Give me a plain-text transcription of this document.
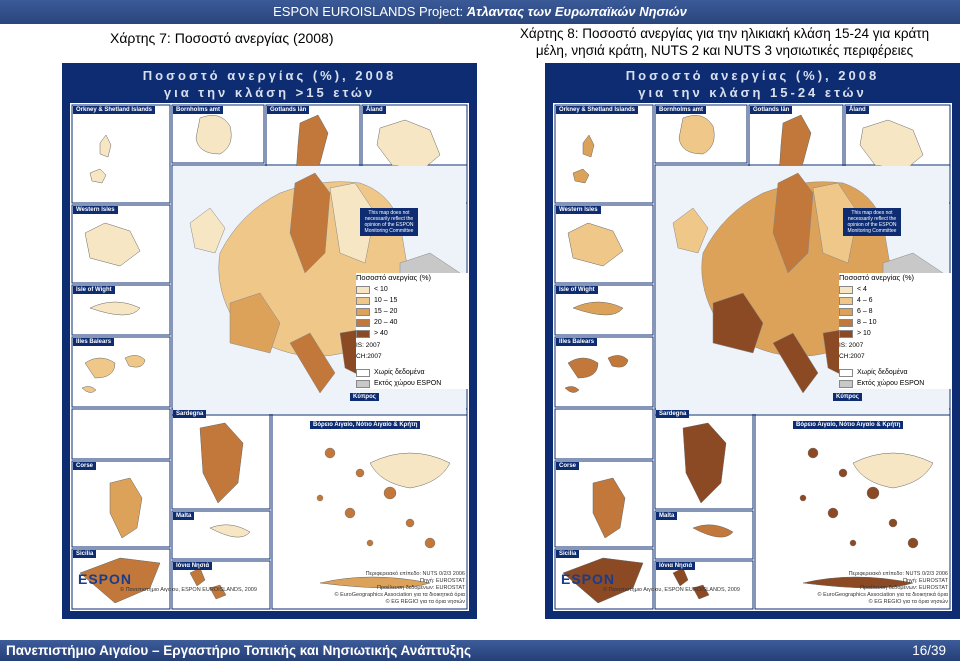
ESPON EUROISLANDS Project: Άτλαντας των Ευρωπαϊκών Νησιών
Χάρτης 7: Ποσοστό ανεργίας (2008)	Χάρτης 8: Ποσοστό ανεργίας για την ηλικιακή κλάση 15-24 για κράτη
μέλη, νησιά κράτη, NUTS 2 και NUTS 3 νησιωτικές περιφέρειες
Ποσοστό ανεργίας (%), 2008
για την κλάση >15 ετών
Orkney & Shetland Islands	Bornholms amt	Gotlands län	Åland
Western Isles
Isle of Wight
Illes Balears
Κύπρος
Sardegna
Βόρειο Αιγαίο, Νότιο Αιγαίο & Κρήτη
Corse
Malta
Sicilia
Ιόνια Νησιά
This map does not necessarily reflect the opinion of the ESPON Monitoring Committee
Ποσοστό ανεργίας (%)
< 10
10 – 15
15 – 20
20 – 40
> 40
IS: 2007
CH:2007
Χωρίς δεδομένα
Εκτός χώρου ESPON
ESPON
© Πανεπιστήμιο Αιγαίου, ESPON EUROISLANDS, 2009
Περιφερειακό επίπεδο: NUTS 0/2/3 2006
Πηγή: EUROSTAT
Προέλευση δεδομένων: EUROSTAT
© EuroGeographics Association για τα διοικητικά όρια
© EG REGIO για τα όρια νησιών
Ποσοστό ανεργίας (%), 2008
για την κλάση 15-24 ετών
Orkney & Shetland Islands	Bornholms amt	Gotlands län	Åland
Western Isles
Isle of Wight
Illes Balears
Κύπρος
Sardegna
Βόρειο Αιγαίο, Νότιο Αιγαίο & Κρήτη
Corse
Malta
Sicilia
Ιόνια Νησιά
This map does not necessarily reflect the opinion of the ESPON Monitoring Committee
Ποσοστό ανεργίας (%)
< 4
4 – 6
6 – 8
8 – 10
> 10
IS: 2007
CH:2007
Χωρίς δεδομένα
Εκτός χώρου ESPON
ESPON
© Πανεπιστήμιο Αιγαίου, ESPON EUROISLANDS, 2009
Περιφερειακό επίπεδο: NUTS 0/2/3 2006
Πηγή: EUROSTAT
Προέλευση δεδομένων: EUROSTAT
© EuroGeographics Association για τα διοικητικά όρια
© EG REGIO για τα όρια νησιών
Πανεπιστήμιο Αιγαίου – Εργαστήριο Τοπικής και Νησιωτικής Ανάπτυξης	16/39
